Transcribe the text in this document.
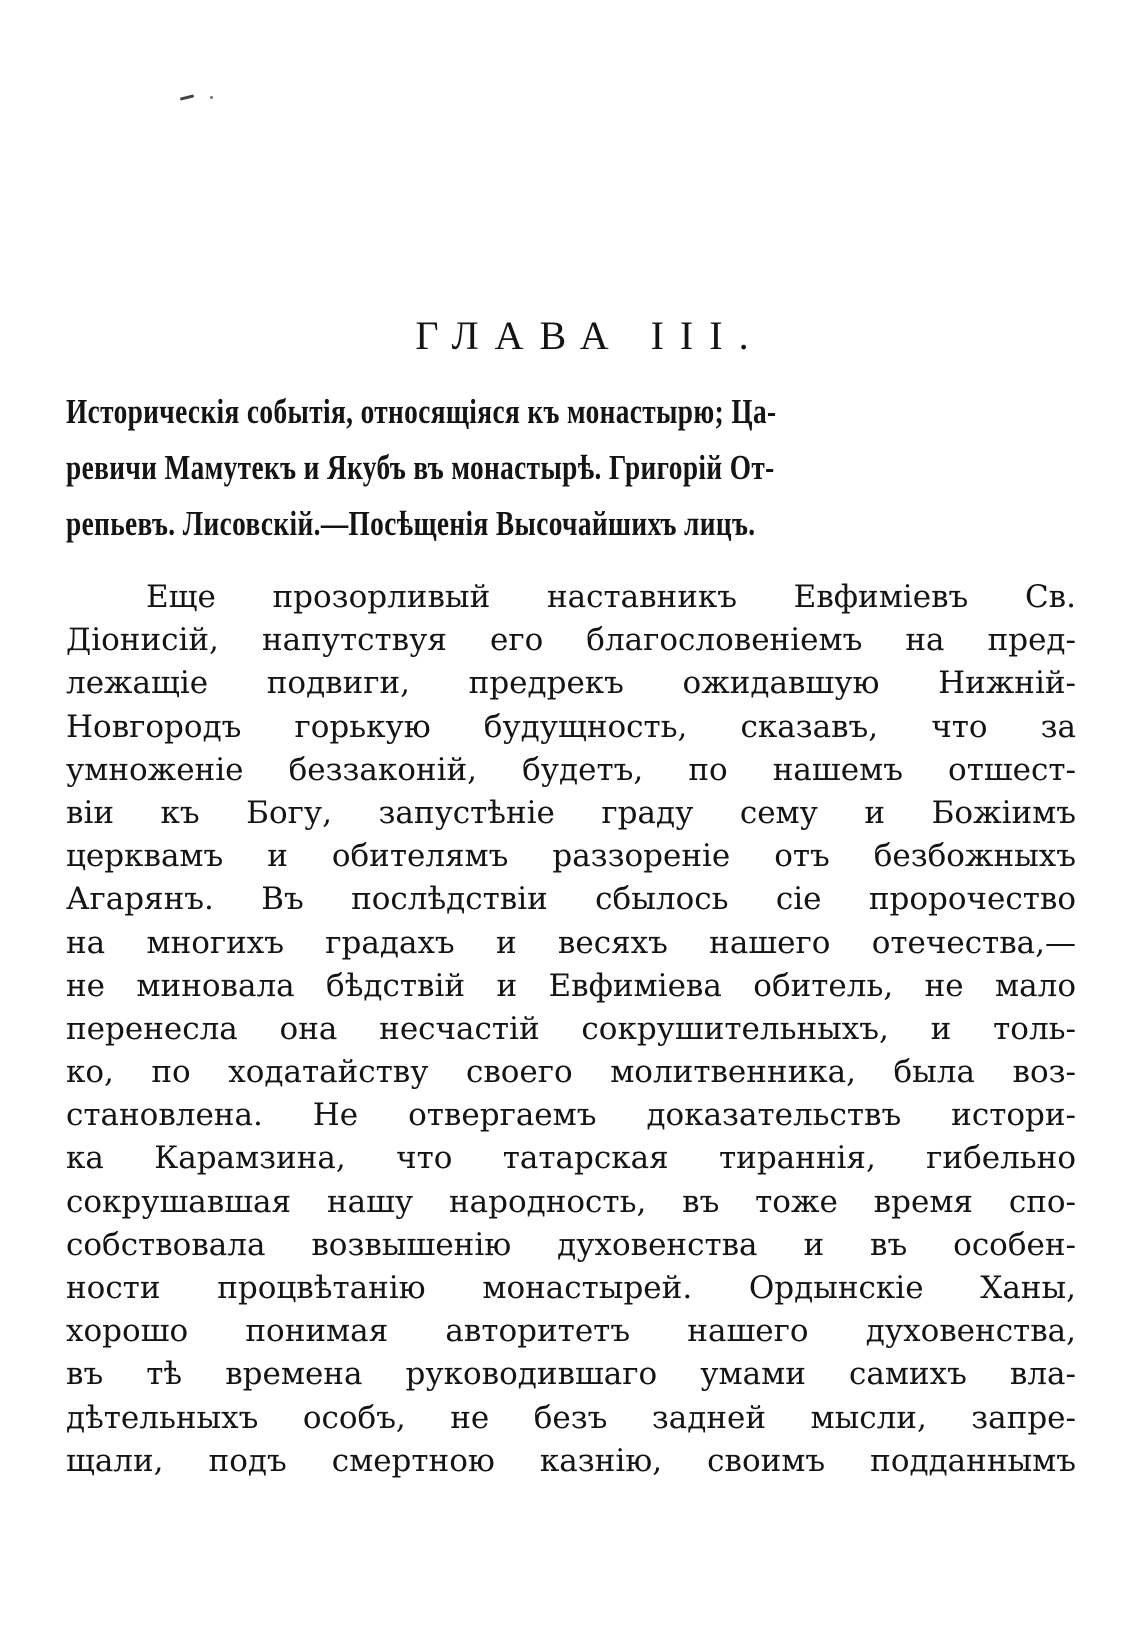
ГЛАВА III.
Историческія событія, относящіяся къ монастырю; Ца-
ревичи Мамутекъ и Якубъ въ монастырѣ. Григорій От-
репьевъ. Лисовскій.—Посѣщенія Высочайшихъ лицъ.
Еще прозорливый наставникъ Евфиміевъ Св.
Діонисій, напутствуя его благословеніемъ на пред-
лежащіе подвиги, предрекъ ожидавшую Нижній-
Новгородъ горькую будущность, сказавъ, что за
умноженіе беззаконій, будетъ, по нашемъ отшест-
віи къ Богу, запустѣніе граду сему и Божіимъ
церквамъ и обителямъ раззореніе отъ безбожныхъ
Агарянъ. Въ послѣдствіи сбылось сіе пророчество
на многихъ градахъ и весяхъ нашего отечества,—
не миновала бѣдствій и Евфиміева обитель, не мало
перенесла она несчастій сокрушительныхъ, и толь-
ко, по ходатайству своего молитвенника, была воз-
становлена. Не отвергаемъ доказательствъ истори-
ка Карамзина, что татарская тираннія, гибельно
сокрушавшая нашу народность, въ тоже время спо-
собствовала возвышенію духовенства и въ особен-
ности процвѣтанію монастырей. Ордынскіе Ханы,
хорошо понимая авторитетъ нашего духовенства,
въ тѣ времена руководившаго умами самихъ вла-
дѣтельныхъ особъ, не безъ задней мысли, запре-
щали, подъ смертною казнію, своимъ подданнымъ
